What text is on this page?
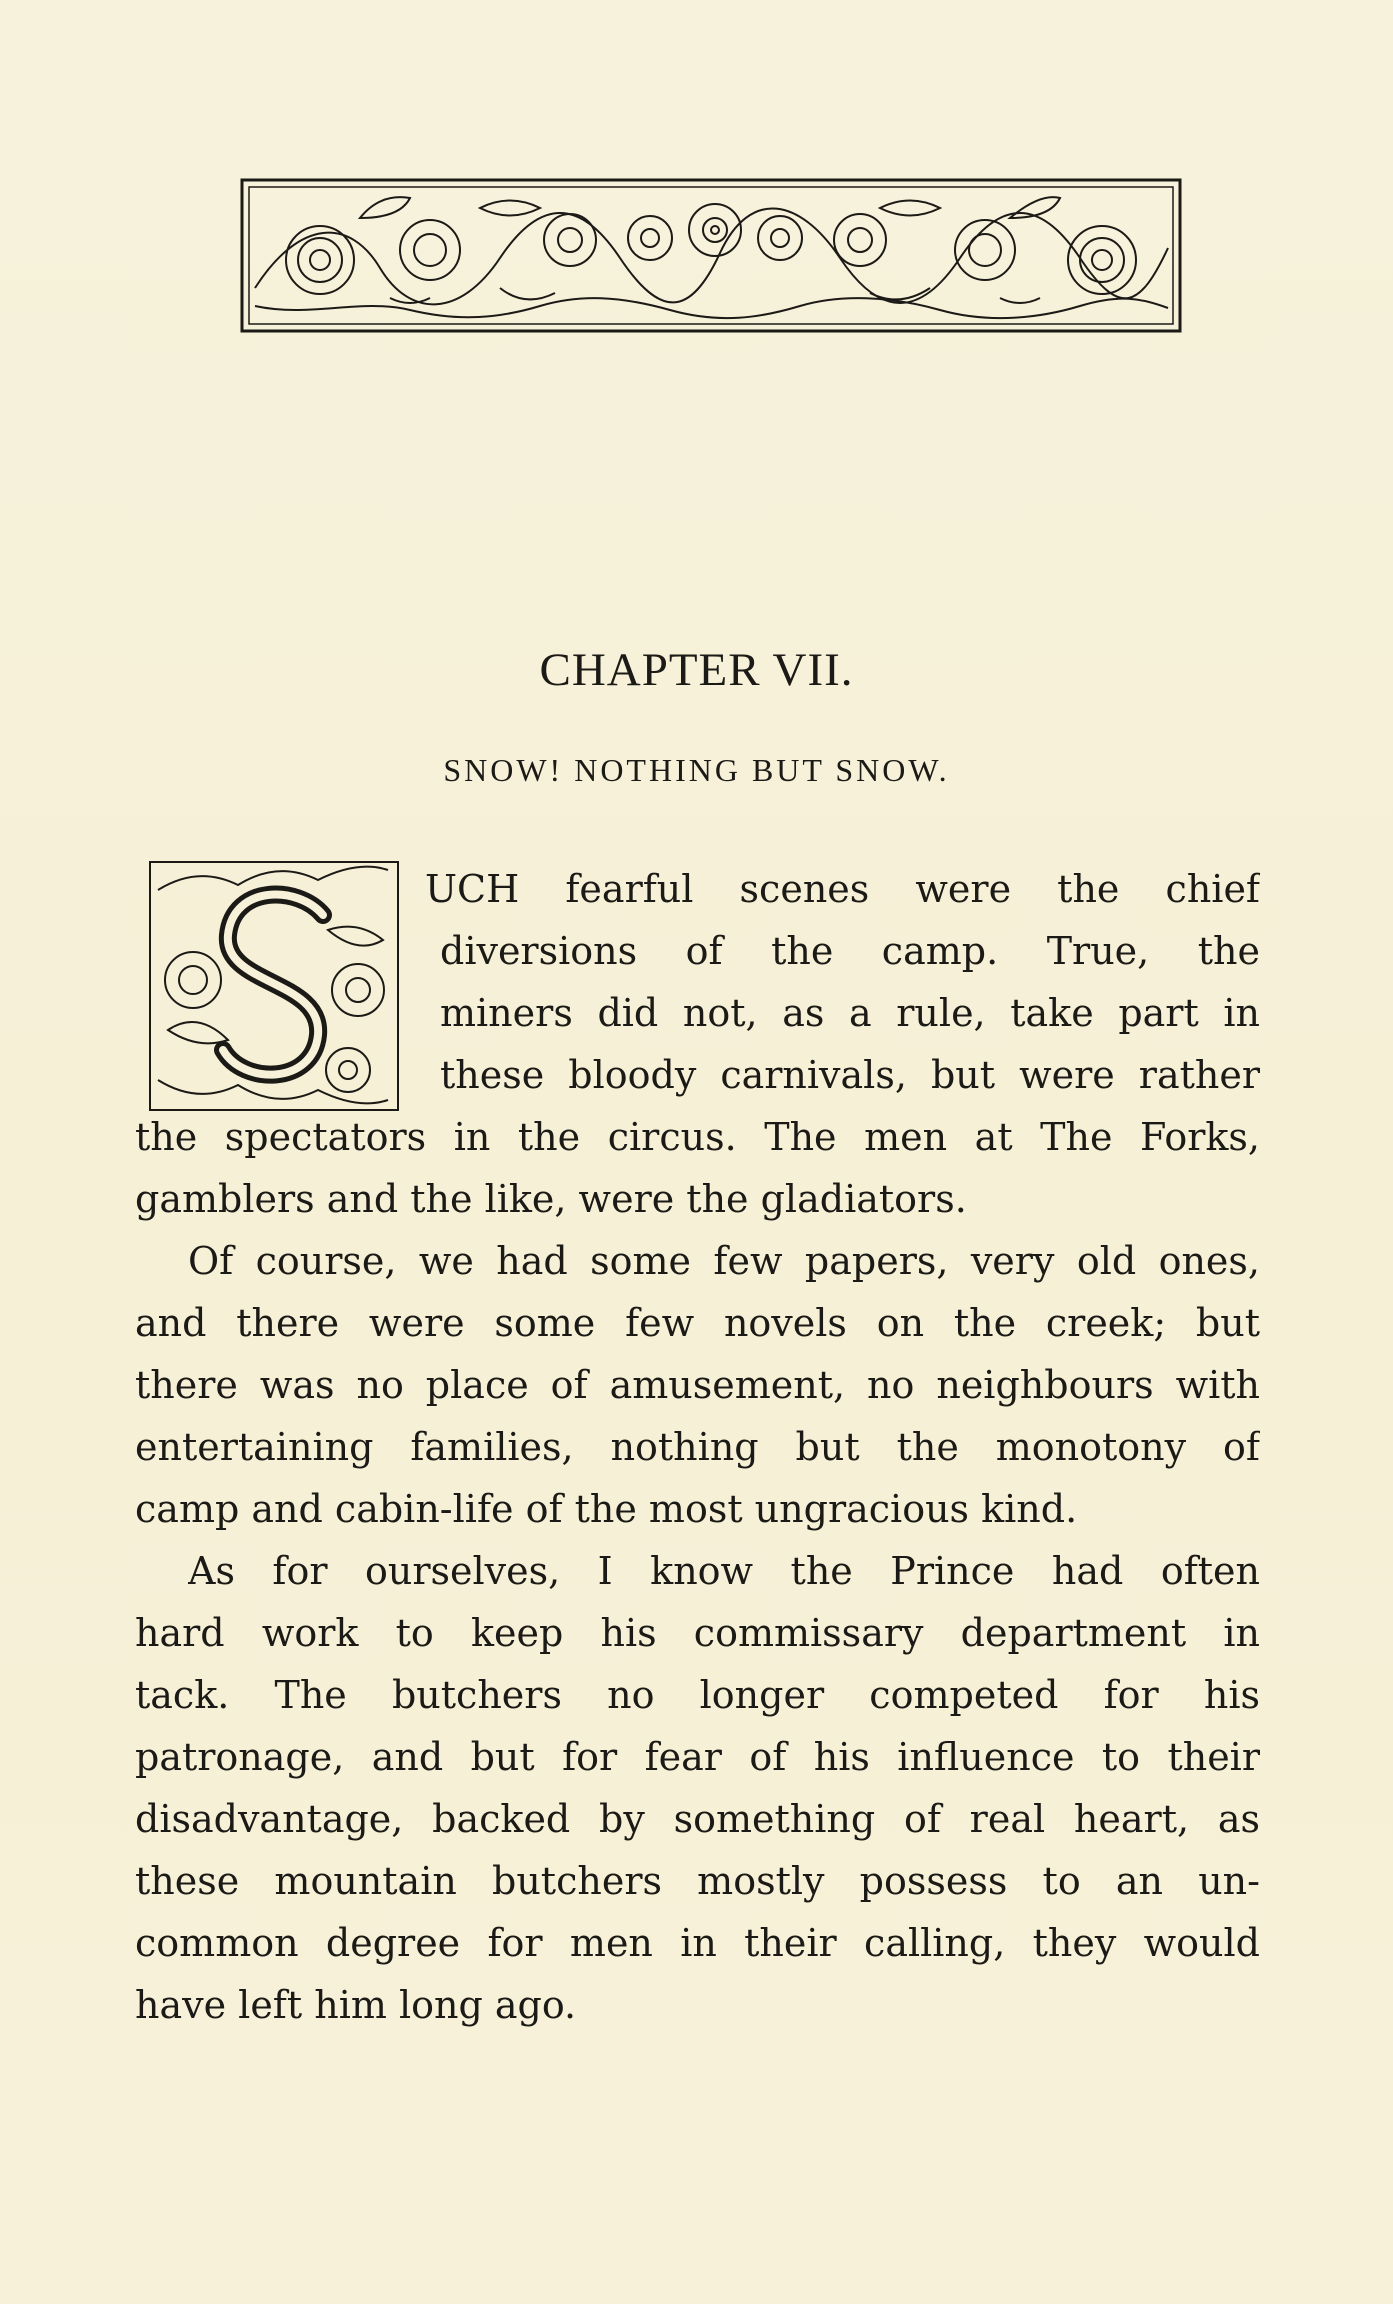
CHAPTER VII.
SNOW! NOTHING BUT SNOW.
UCH fearful scenes were the chief
diversions of the camp. True, the
miners did not, as a rule, take part in
these bloody carnivals, but were rather
the spectators in the circus. The men at The Forks,
gamblers and the like, were the gladiators.
Of course, we had some few papers, very old ones,
and there were some few novels on the creek; but
there was no place of amusement, no neighbours with
entertaining families, nothing but the monotony of
camp and cabin-life of the most ungracious kind.
As for ourselves, I know the Prince had often
hard work to keep his commissary department in
tack. The butchers no longer competed for his
patronage, and but for fear of his influence to their
disadvantage, backed by something of real heart, as
these mountain butchers mostly possess to an un-
common degree for men in their calling, they would
have left him long ago.
